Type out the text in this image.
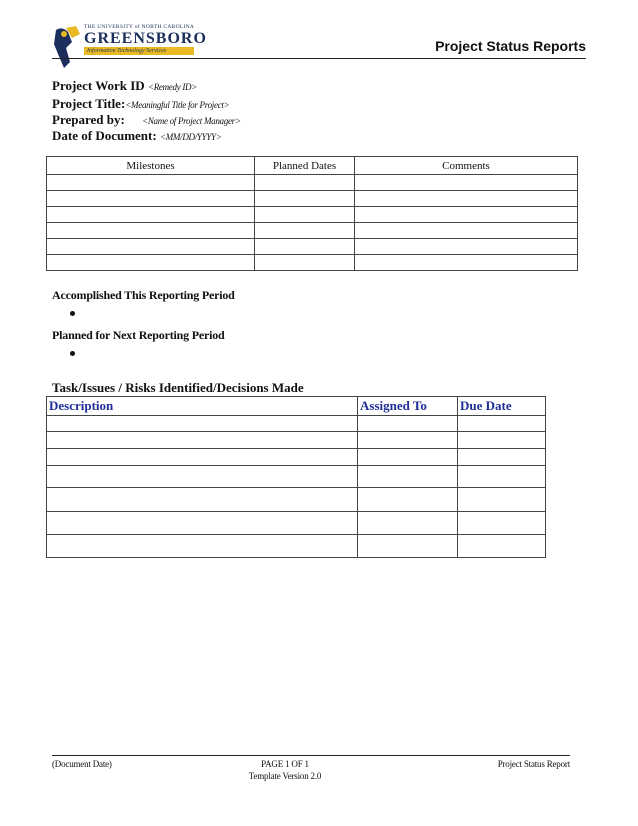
THE UNIVERSITY of NORTH CAROLINA
GREENSBORO
Information Technology Services	Project Status Reports
Project Work ID <Remedy ID>
Project Title:<Meaningful Title for Project>
Prepared by: <Name of Project Manager>
Date of Document: <MM/DD/YYYY>
Milestones	Planned Dates	Comments

Accomplished This Reporting Period
Planned for Next Reporting Period
Task/Issues / Risks Identified/Decisions Made
Description	Assigned To	Due Date

(Document Date)	PAGE 1 OF 1
Template Version 2.0
Project Status Report
